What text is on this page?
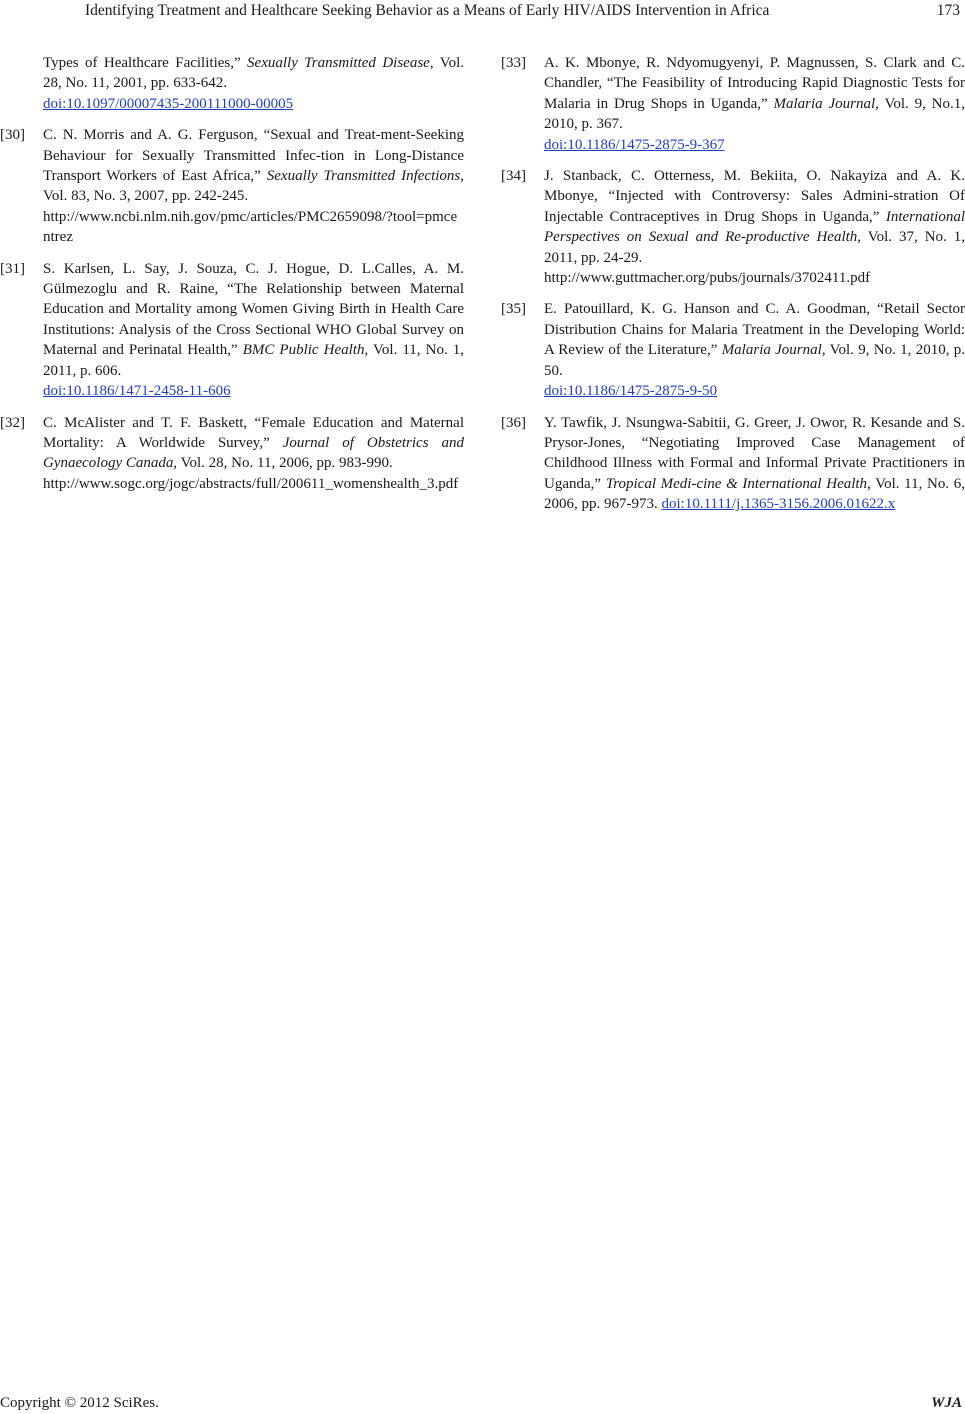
Identifying Treatment and Healthcare Seeking Behavior as a Means of Early HIV/AIDS Intervention in Africa	173
Types of Healthcare Facilities,” Sexually Transmitted Disease, Vol. 28, No. 11, 2001, pp. 633-642.
doi:10.1097/00007435-200111000-00005
[30] C. N. Morris and A. G. Ferguson, “Sexual and Treat-ment-Seeking Behaviour for Sexually Transmitted Infec-tion in Long-Distance Transport Workers of East Africa,” Sexually Transmitted Infections, Vol. 83, No. 3, 2007, pp. 242-245.
http://www.ncbi.nlm.nih.gov/pmc/articles/PMC2659098/?tool=pmcentrez
[31] S. Karlsen, L. Say, J. Souza, C. J. Hogue, D. L.Calles, A. M. Gülmezoglu and R. Raine, “The Relationship between Maternal Education and Mortality among Women Giving Birth in Health Care Institutions: Analysis of the Cross Sectional WHO Global Survey on Maternal and Perinatal Health,” BMC Public Health, Vol. 11, No. 1, 2011, p. 606.
doi:10.1186/1471-2458-11-606
[32] C. McAlister and T. F. Baskett, “Female Education and Maternal Mortality: A Worldwide Survey,” Journal of Obstetrics and Gynaecology Canada, Vol. 28, No. 11, 2006, pp. 983-990.
http://www.sogc.org/jogc/abstracts/full/200611_womenshealth_3.pdf
[33] A. K. Mbonye, R. Ndyomugyenyi, P. Magnussen, S. Clark and C. Chandler, “The Feasibility of Introducing Rapid Diagnostic Tests for Malaria in Drug Shops in Uganda,” Malaria Journal, Vol. 9, No.1, 2010, p. 367.
doi:10.1186/1475-2875-9-367
[34] J. Stanback, C. Otterness, M. Bekiita, O. Nakayiza and A. K. Mbonye, “Injected with Controversy: Sales Admini-stration Of Injectable Contraceptives in Drug Shops in Uganda,” International Perspectives on Sexual and Re-productive Health, Vol. 37, No. 1, 2011, pp. 24-29.
http://www.guttmacher.org/pubs/journals/3702411.pdf
[35] E. Patouillard, K. G. Hanson and C. A. Goodman, “Retail Sector Distribution Chains for Malaria Treatment in the Developing World: A Review of the Literature,” Malaria Journal, Vol. 9, No. 1, 2010, p. 50.
doi:10.1186/1475-2875-9-50
[36] Y. Tawfik, J. Nsungwa-Sabitii, G. Greer, J. Owor, R. Kesande and S. Prysor-Jones, “Negotiating Improved Case Management of Childhood Illness with Formal and Informal Private Practitioners in Uganda,” Tropical Medi-cine & International Health, Vol. 11, No. 6, 2006, pp. 967-973. doi:10.1111/j.1365-3156.2006.01622.x
Copyright © 2012 SciRes.	WJA
